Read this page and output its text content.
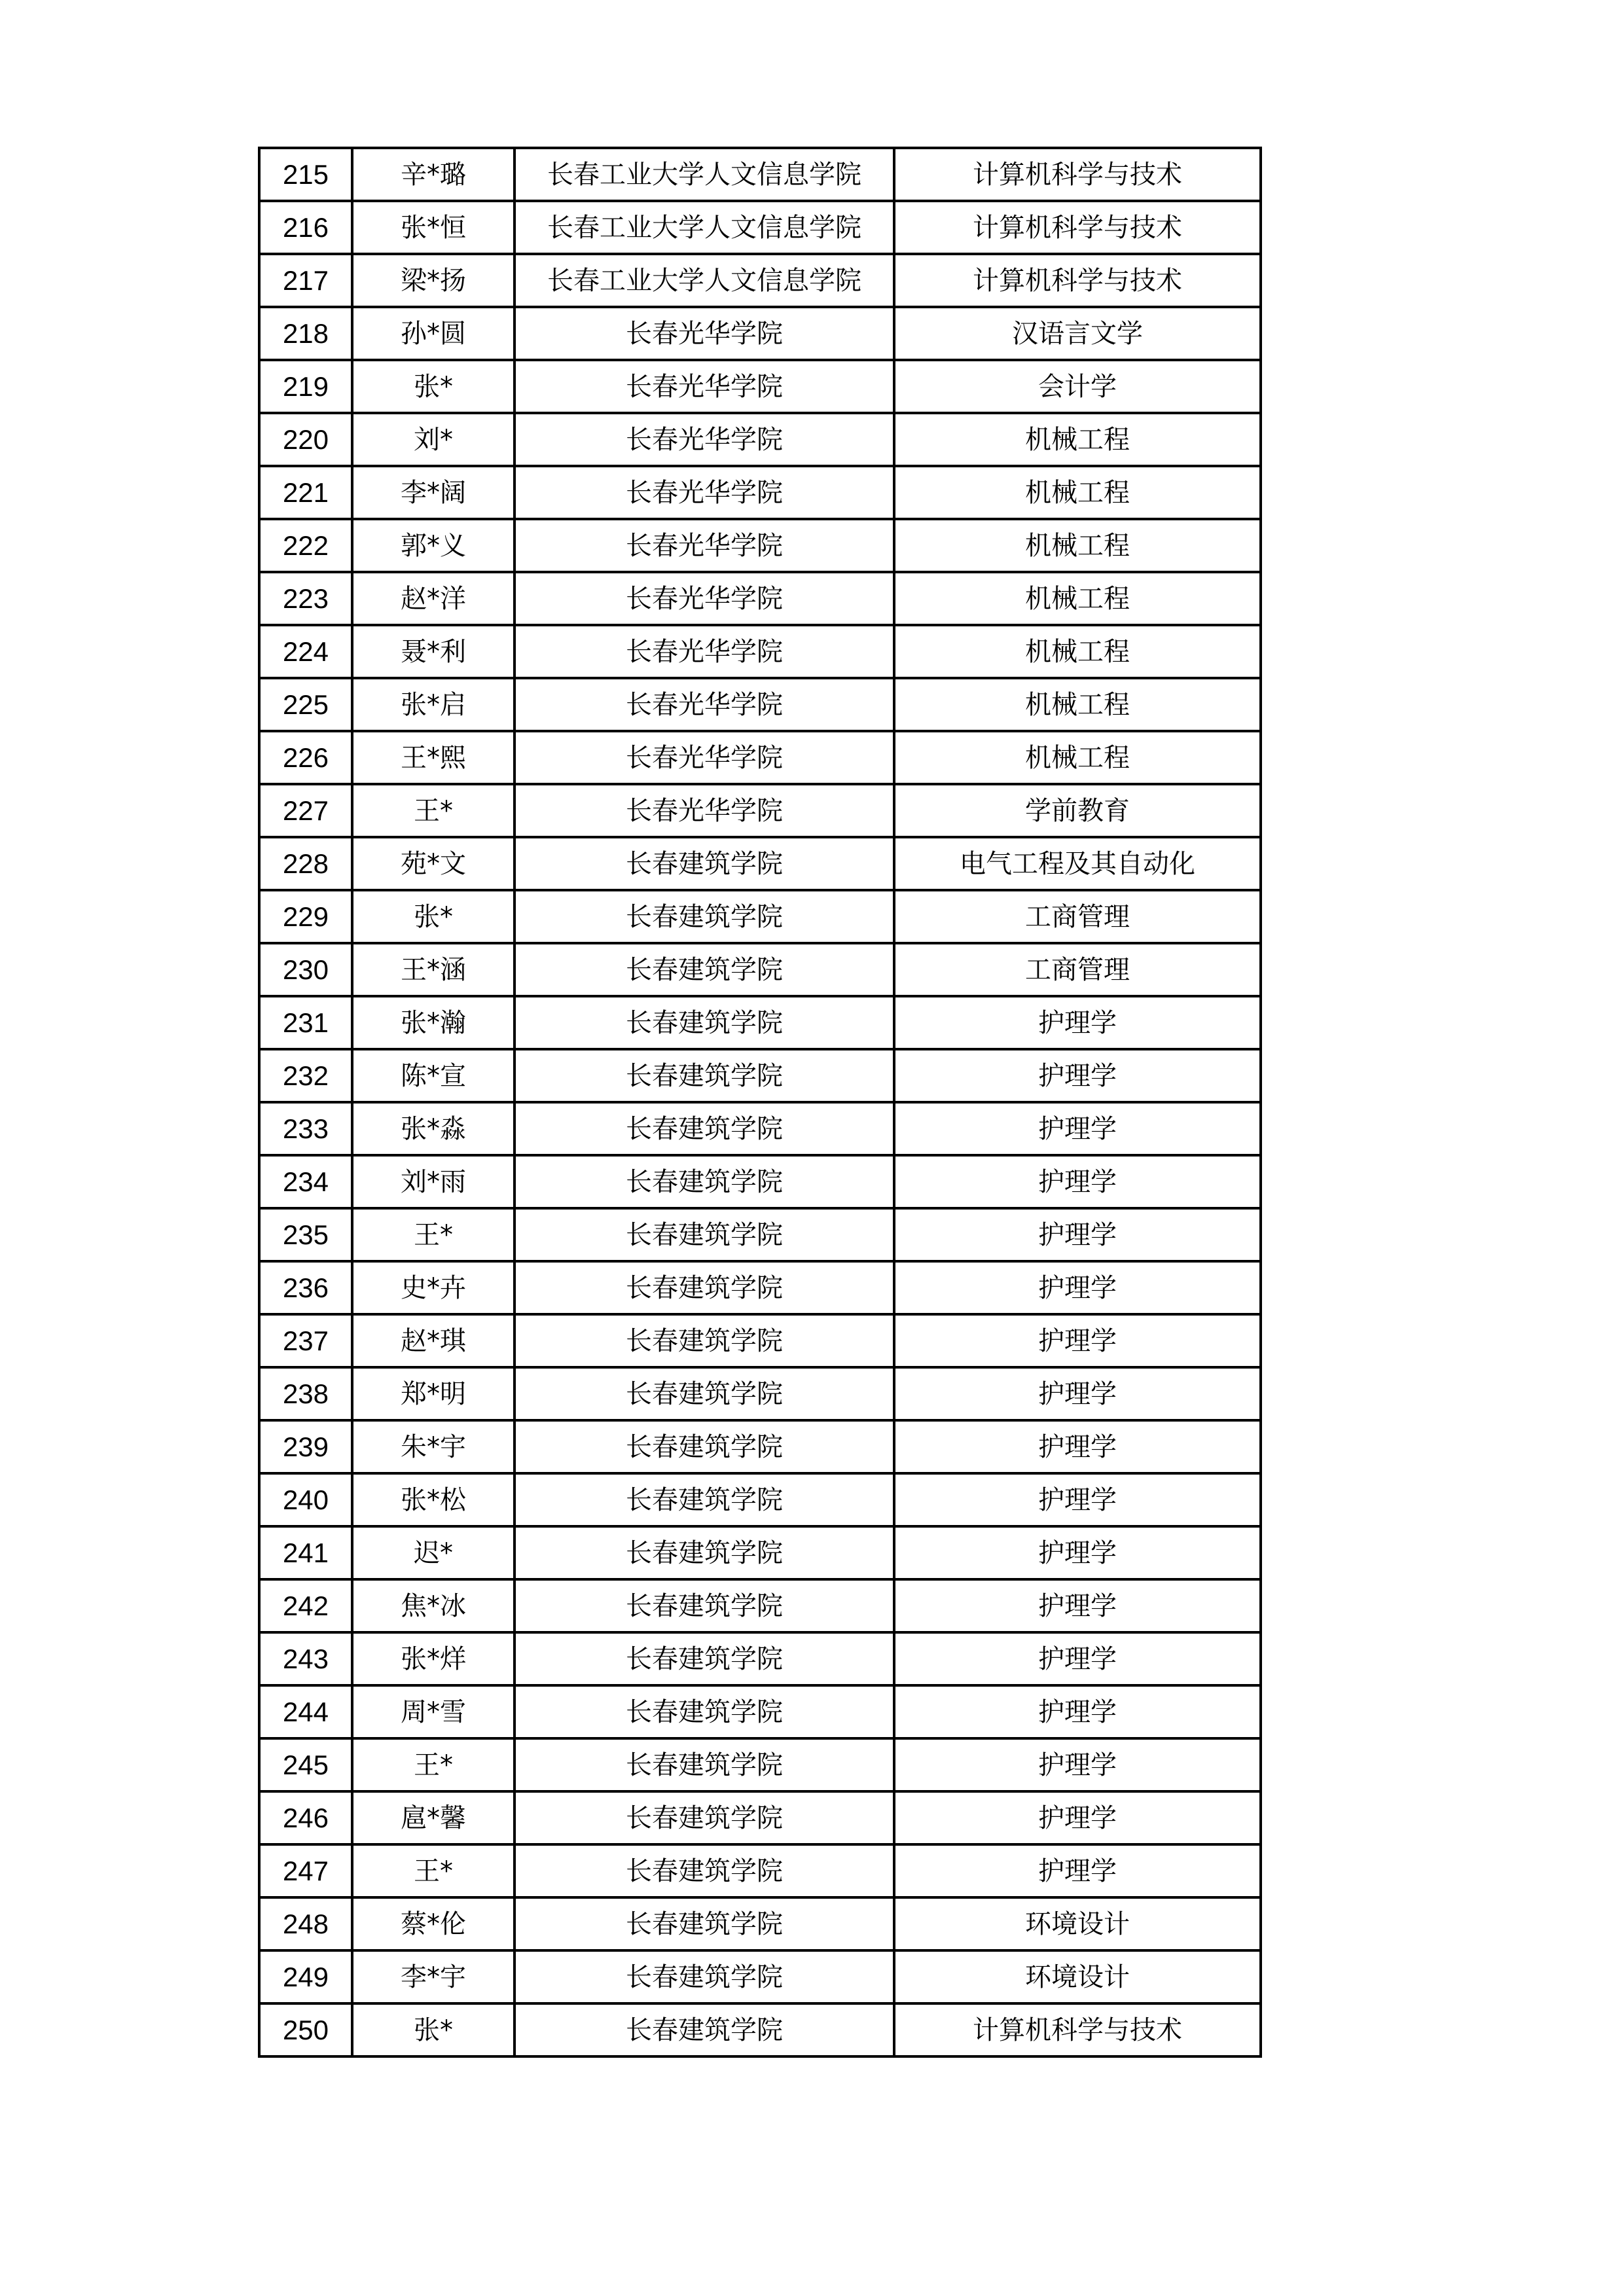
215	辛*璐	长春工业大学人文信息学院	计算机科学与技术
216	张*恒	长春工业大学人文信息学院	计算机科学与技术
217	梁*扬	长春工业大学人文信息学院	计算机科学与技术
218	孙*圆	长春光华学院	汉语言文学
219	张*	长春光华学院	会计学
220	刘*	长春光华学院	机械工程
221	李*阔	长春光华学院	机械工程
222	郭*义	长春光华学院	机械工程
223	赵*洋	长春光华学院	机械工程
224	聂*利	长春光华学院	机械工程
225	张*启	长春光华学院	机械工程
226	王*熙	长春光华学院	机械工程
227	王*	长春光华学院	学前教育
228	苑*文	长春建筑学院	电气工程及其自动化
229	张*	长春建筑学院	工商管理
230	王*涵	长春建筑学院	工商管理
231	张*瀚	长春建筑学院	护理学
232	陈*宣	长春建筑学院	护理学
233	张*淼	长春建筑学院	护理学
234	刘*雨	长春建筑学院	护理学
235	王*	长春建筑学院	护理学
236	史*卉	长春建筑学院	护理学
237	赵*琪	长春建筑学院	护理学
238	郑*明	长春建筑学院	护理学
239	朱*宇	长春建筑学院	护理学
240	张*松	长春建筑学院	护理学
241	迟*	长春建筑学院	护理学
242	焦*冰	长春建筑学院	护理学
243	张*烊	长春建筑学院	护理学
244	周*雪	长春建筑学院	护理学
245	王*	长春建筑学院	护理学
246	扈*馨	长春建筑学院	护理学
247	王*	长春建筑学院	护理学
248	蔡*伦	长春建筑学院	环境设计
249	李*宇	长春建筑学院	环境设计
250	张*	长春建筑学院	计算机科学与技术
